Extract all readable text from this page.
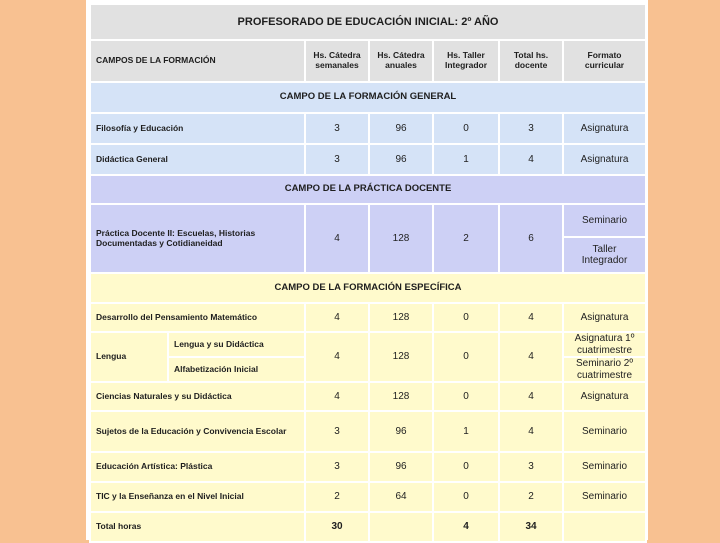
PROFESORADO DE EDUCACIÓN INICIAL: 2º AÑO						
CAMPOS DE LA FORMACIÓN		Hs. Cátedra semanales	Hs. Cátedra anuales	Hs. Taller Integrador	Total hs. docente	Formato curricular
CAMPO DE LA FORMACIÓN GENERAL						
Filosofía y Educación		3	96	0	3	Asignatura
Didáctica General		3	96	1	4	Asignatura
CAMPO DE LA PRÁCTICA DOCENTE						
Práctica Docente II: Escuelas, Historias Documentadas y Cotidianeidad		4	128	2	6	Seminario
						Taller Integrador
CAMPO DE LA FORMACIÓN ESPECÍFICA						
Desarrollo del Pensamiento Matemático		4	128	0	4	Asignatura
Lengua	Lengua y su Didáctica	4	128	0	4	Asignatura 1º cuatrimestre
	Alfabetización Inicial					Seminario 2º cuatrimestre
Ciencias Naturales y su Didáctica		4	128	0	4	Asignatura
Sujetos de la Educación y Convivencia Escolar		3	96	1	4	Seminario
Educación Artística: Plástica		3	96	0	3	Seminario
TIC y la Enseñanza en el Nivel Inicial		2	64	0	2	Seminario
Total horas		30		4	34	
